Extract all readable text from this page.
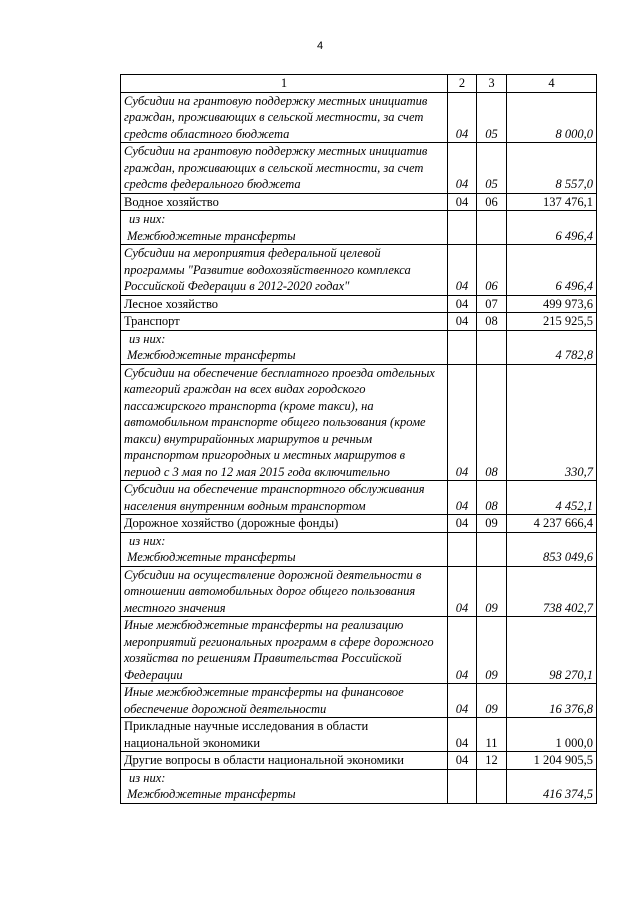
4
1	2	3	4
Субсидии на грантовую поддержку местных инициатив граждан, проживающих в сельской местности, за счет средств областного бюджета	04	05	8 000,0
Субсидии на грантовую поддержку местных инициатив граждан, проживающих в сельской местности, за счет средств федерального бюджета	04	05	8 557,0
Водное хозяйство	04	06	137 476,1

из них:
Межбюджетные трансферты			6 496,4
Субсидии на мероприятия федеральной целевой программы "Развитие водохозяйственного комплекса Российской Федерации в 2012-2020 годах"	04	06	6 496,4
Лесное хозяйство	04	07	499 973,6
Транспорт	04	08	215 925,5

из них:
Межбюджетные трансферты			4 782,8
Субсидии на обеспечение бесплатного проезда отдельных категорий граждан на всех видах городского пассажирского транспорта (кроме такси), на автомобильном транспорте общего пользования (кроме такси) внутрирайонных маршрутов и речным транспортом пригородных и местных маршрутов в период с 3 мая по 12 мая 2015 года включительно	04	08	330,7
Субсидии на обеспечение транспортного обслуживания населения внутренним водным транспортом	04	08	4 452,1
Дорожное хозяйство (дорожные фонды)	04	09	4 237 666,4

из них:
Межбюджетные трансферты			853 049,6
Субсидии на осуществление дорожной деятельности в отношении автомобильных дорог общего пользования местного значения	04	09	738 402,7
Иные межбюджетные трансферты на реализацию мероприятий региональных программ в сфере дорожного хозяйства по решениям Правительства Российской Федерации	04	09	98 270,1
Иные межбюджетные трансферты на финансовое обеспечение дорожной деятельности	04	09	16 376,8
Прикладные научные исследования в области национальной экономики	04	11	1 000,0
Другие вопросы в области национальной экономики	04	12	1 204 905,5

из них:
Межбюджетные трансферты			416 374,5
